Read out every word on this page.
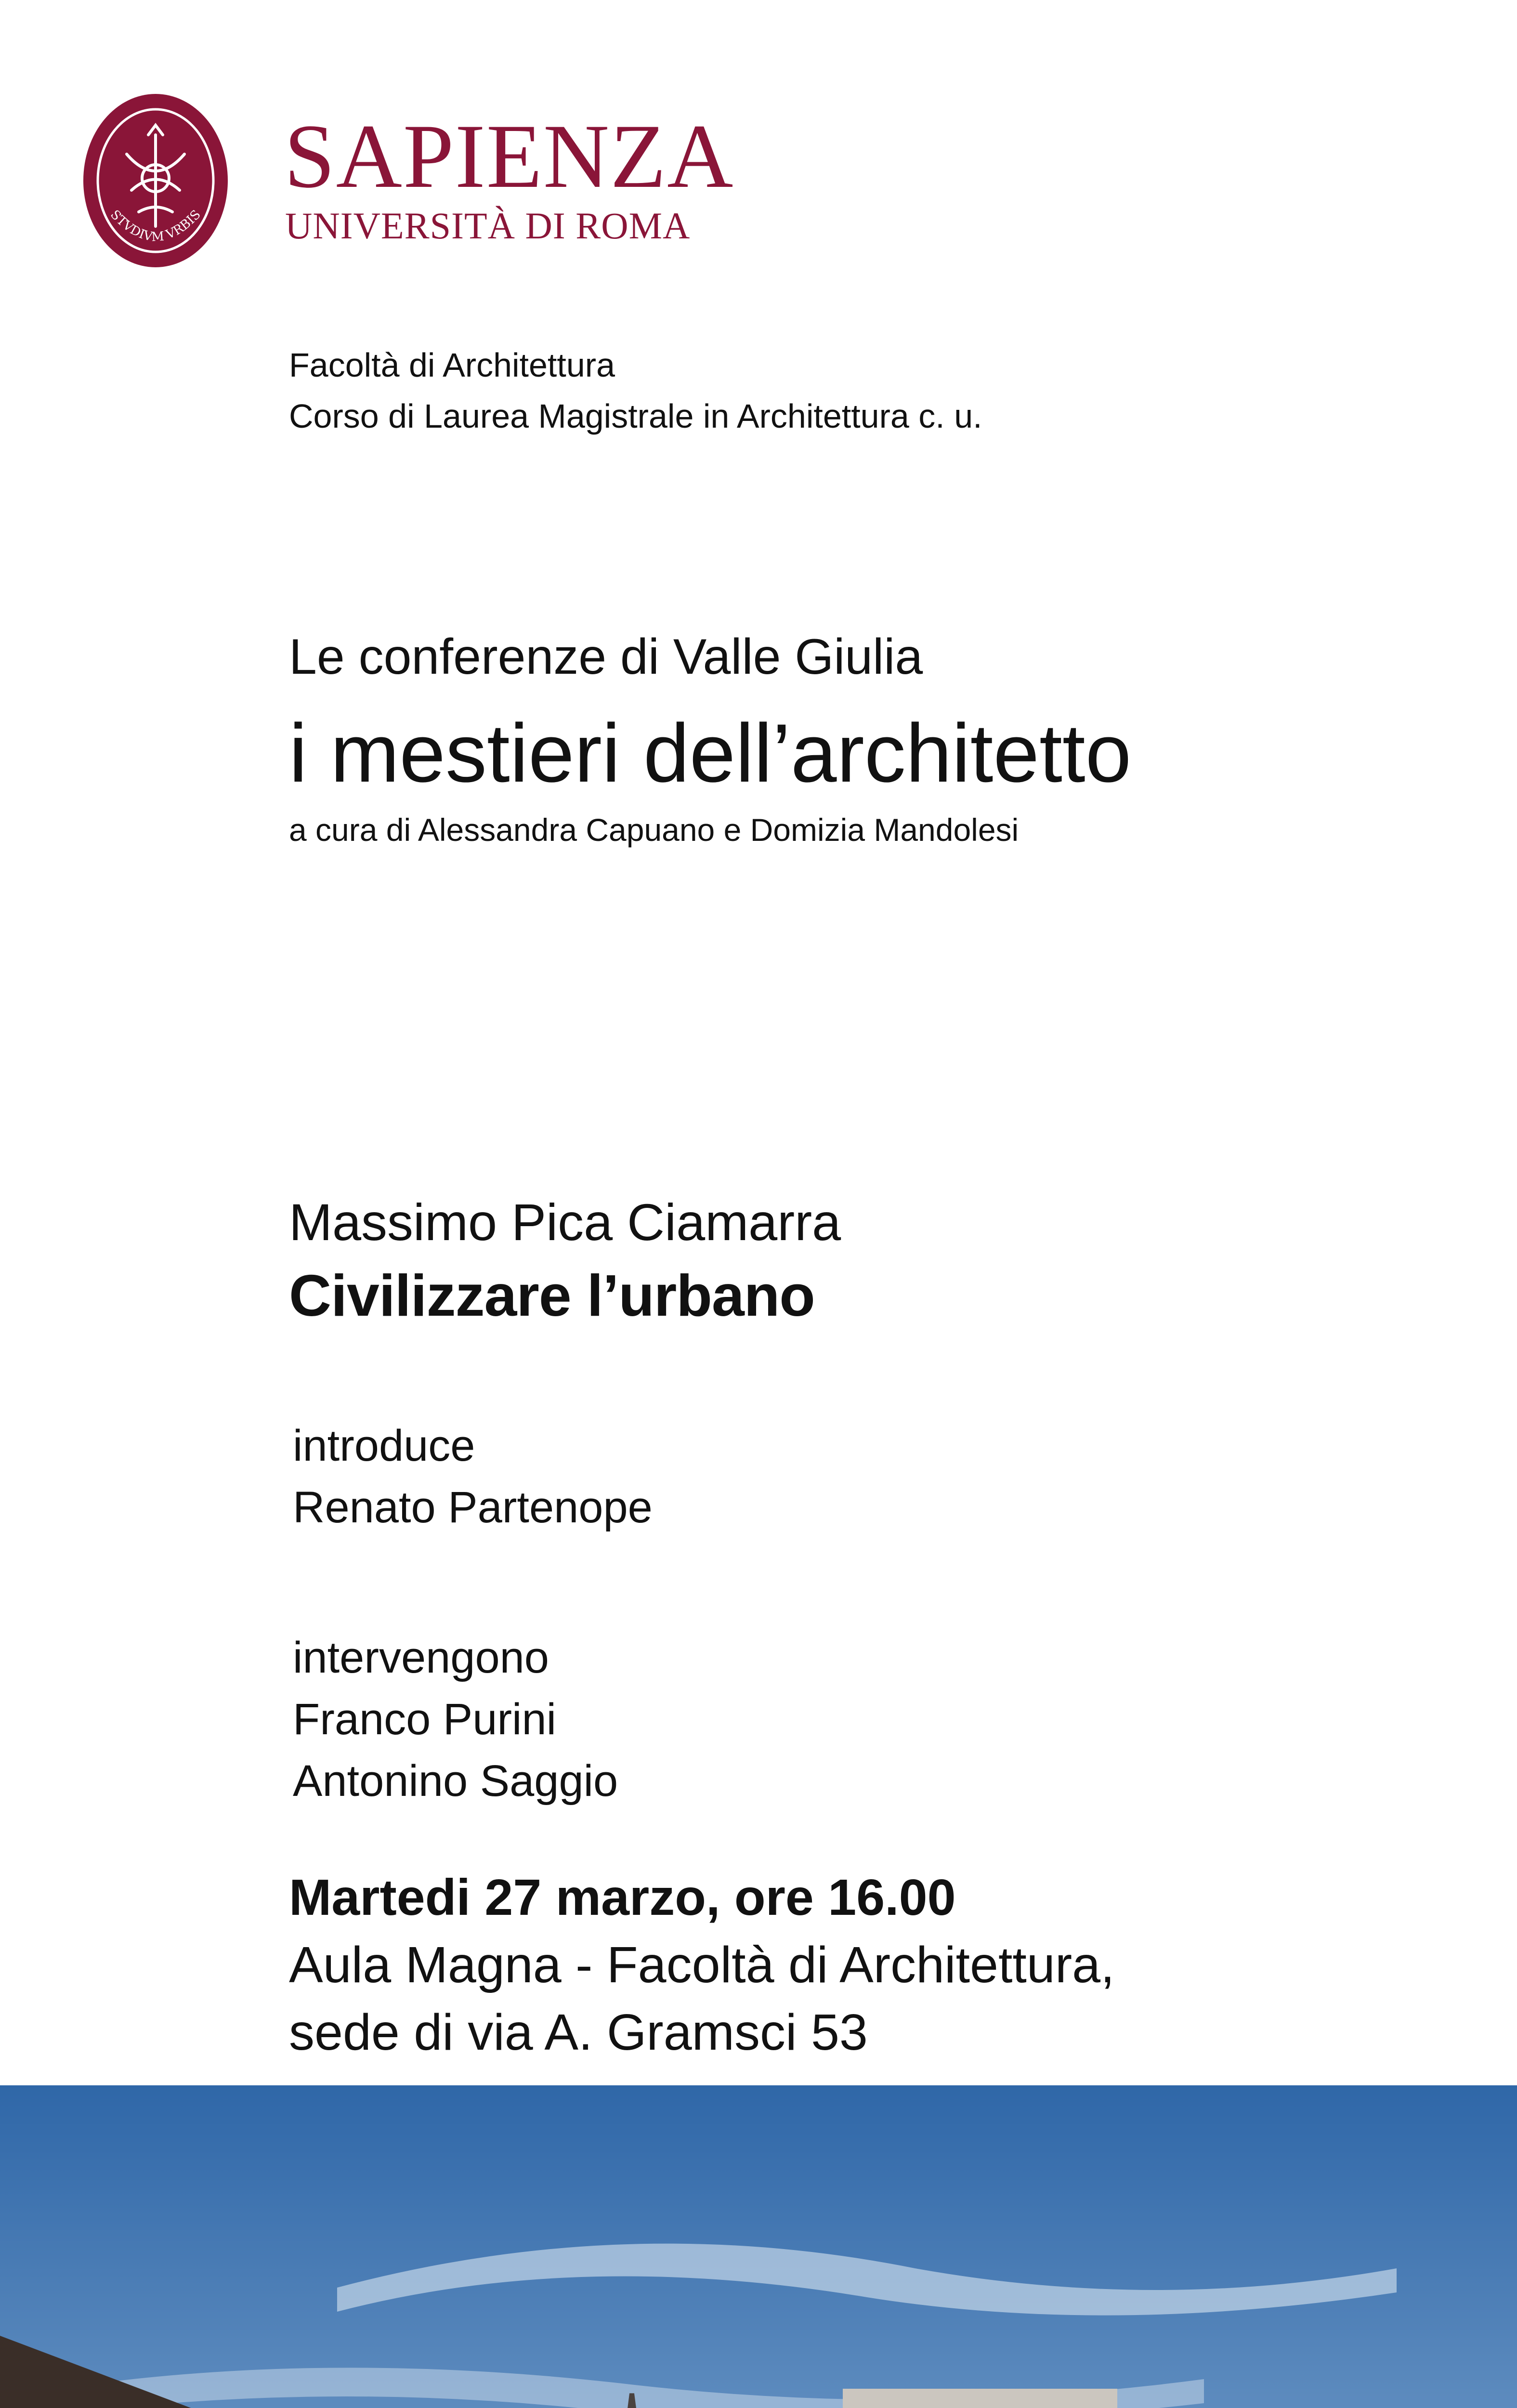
STVDIVM VRBIS
SAPIENZA
UNIVERSITÀ DI ROMA
Facoltà di Architettura
Corso di Laurea Magistrale in Architettura c. u.
Le conferenze di Valle Giulia
i mestieri dell’architetto
a cura di Alessandra Capuano e Domizia Mandolesi
Massimo Pica Ciamarra
Civilizzare l’urbano
introduce
Renato Partenope
intervengono
Franco Purini
Antonino Saggio
Martedi 27 marzo, ore 16.00
Aula Magna - Facoltà di Architettura,
sede di via A. Gramsci 53
